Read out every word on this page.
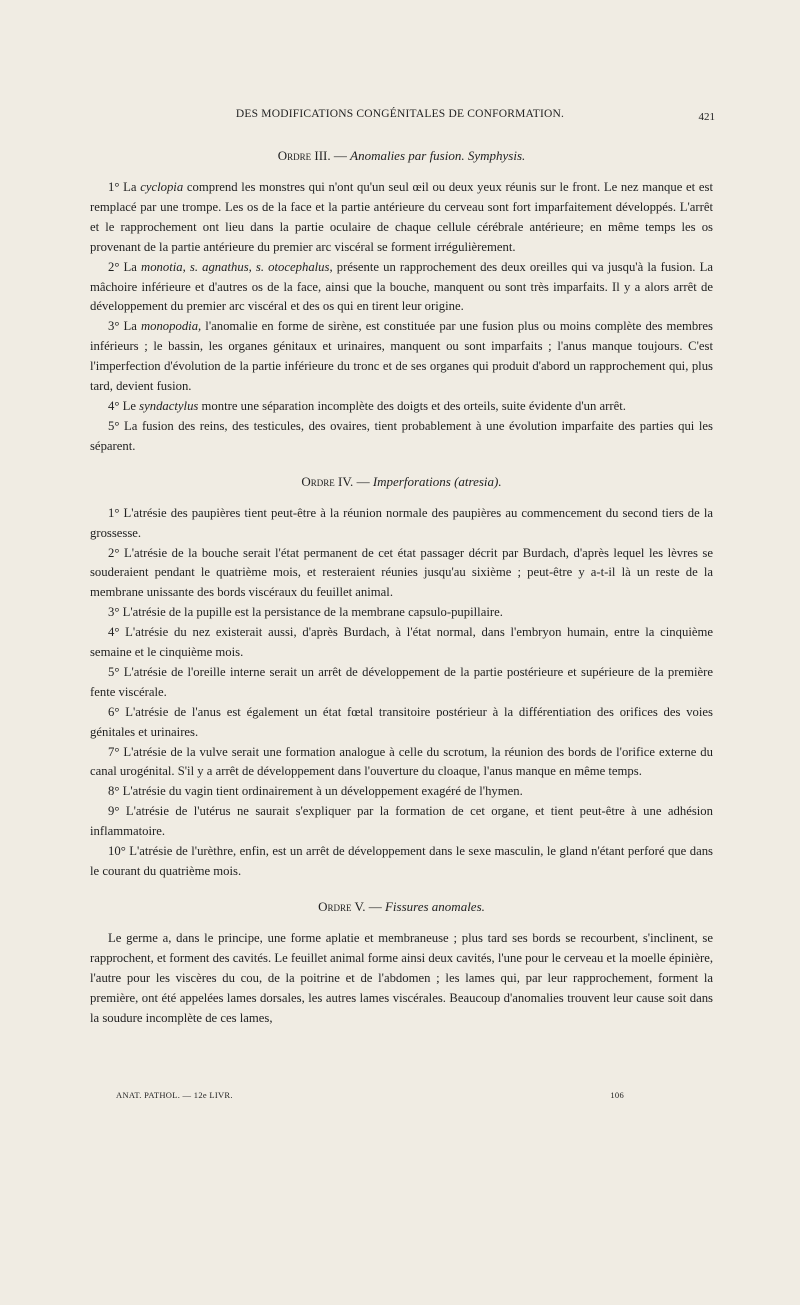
DES MODIFICATIONS CONGÉNITALES DE CONFORMATION.	421
Ordre III. — Anomalies par fusion. Symphysis.

1° La cyclopia comprend les monstres qui n'ont qu'un seul œil ou deux yeux réunis sur le front. Le nez manque et est remplacé par une trompe. Les os de la face et la partie antérieure du cerveau sont fort imparfaitement développés. L'arrêt et le rapprochement ont lieu dans la partie oculaire de chaque cellule cérébrale antérieure; en même temps les os provenant de la partie antérieure du premier arc viscéral se forment irrégulièrement.

2° La monotia, s. agnathus, s. otocephalus, présente un rapprochement des deux oreilles qui va jusqu'à la fusion. La mâchoire inférieure et d'autres os de la face, ainsi que la bouche, manquent ou sont très imparfaits. Il y a alors arrêt de développement du premier arc viscéral et des os qui en tirent leur origine.

3° La monopodia, l'anomalie en forme de sirène, est constituée par une fusion plus ou moins complète des membres inférieurs ; le bassin, les organes génitaux et urinaires, manquent ou sont imparfaits ; l'anus manque toujours. C'est l'imperfection d'évolution de la partie inférieure du tronc et de ses organes qui produit d'abord un rapprochement qui, plus tard, devient fusion.

4° Le syndactylus montre une séparation incomplète des doigts et des orteils, suite évidente d'un arrêt.

5° La fusion des reins, des testicules, des ovaires, tient probablement à une évolution imparfaite des parties qui les séparent.

Ordre IV. — Imperforations (atresia).

1° L'atrésie des paupières tient peut-être à la réunion normale des paupières au commencement du second tiers de la grossesse.

2° L'atrésie de la bouche serait l'état permanent de cet état passager décrit par Burdach, d'après lequel les lèvres se souderaient pendant le quatrième mois, et resteraient réunies jusqu'au sixième ; peut-être y a-t-il là un reste de la membrane unissante des bords viscéraux du feuillet animal.

3° L'atrésie de la pupille est la persistance de la membrane capsulo-pupillaire.

4° L'atrésie du nez existerait aussi, d'après Burdach, à l'état normal, dans l'embryon humain, entre la cinquième semaine et le cinquième mois.

5° L'atrésie de l'oreille interne serait un arrêt de développement de la partie postérieure et supérieure de la première fente viscérale.

6° L'atrésie de l'anus est également un état fœtal transitoire postérieur à la différentiation des orifices des voies génitales et urinaires.

7° L'atrésie de la vulve serait une formation analogue à celle du scrotum, la réunion des bords de l'orifice externe du canal urogénital. S'il y a arrêt de développement dans l'ouverture du cloaque, l'anus manque en même temps.

8° L'atrésie du vagin tient ordinairement à un développement exagéré de l'hymen.

9° L'atrésie de l'utérus ne saurait s'expliquer par la formation de cet organe, et tient peut-être à une adhésion inflammatoire.

10° L'atrésie de l'urèthre, enfin, est un arrêt de développement dans le sexe masculin, le gland n'étant perforé que dans le courant du quatrième mois.

Ordre V. — Fissures anomales.

Le germe a, dans le principe, une forme aplatie et membraneuse ; plus tard ses bords se recourbent, s'inclinent, se rapprochent, et forment des cavités. Le feuillet animal forme ainsi deux cavités, l'une pour le cerveau et la moelle épinière, l'autre pour les viscères du cou, de la poitrine et de l'abdomen ; les lames qui, par leur rapprochement, forment la première, ont été appelées lames dorsales, les autres lames viscérales. Beaucoup d'anomalies trouvent leur cause soit dans la soudure incomplète de ces lames,

ANAT. PATHOL. — 12e LIVR.	106
